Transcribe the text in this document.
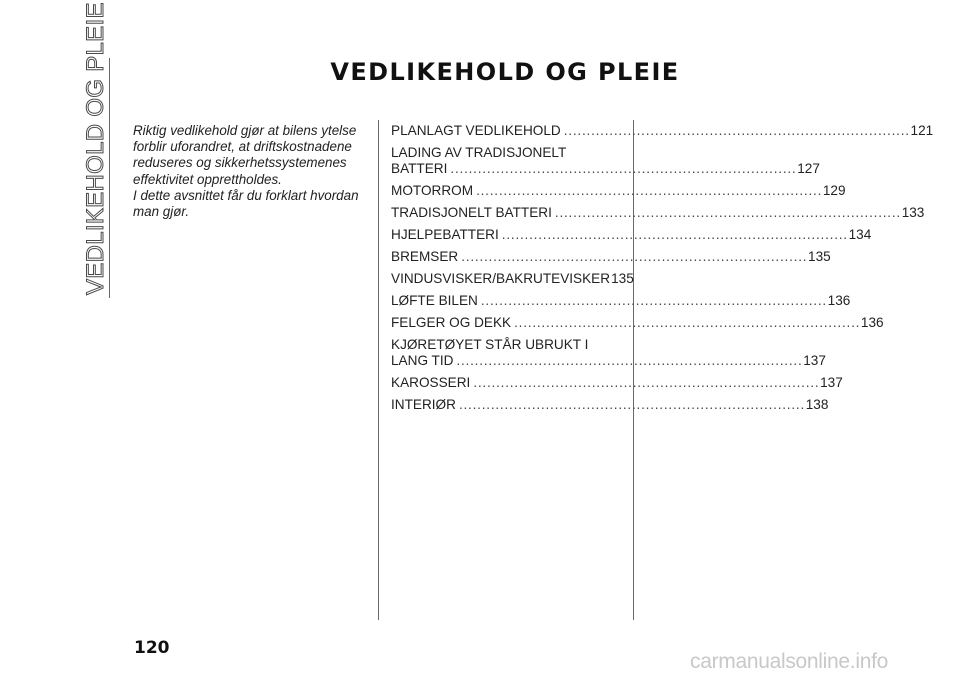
VEDLIKEHOLD OG PLEIE	VEDLIKEHOLD OG PLEIE

Riktig vedlikehold gjør at bilens ytelse forblir uforandret, at driftskostnadene reduseres og sikkerhetssystemenes effektivitet opprettholdes.

I dette avsnittet får du forklart hvordan man gjør.

PLANLAGT VEDLIKEHOLD . . .	121
LADING AV TRADISJONELT
BATTERI . . .	127
MOTORROM . . .	129
TRADISJONELT BATTERI . . .	133
HJELPEBATTERI . . .	134
BREMSER . . .	135
VINDUSVISKER/BAKRUTEVISKER 135
LØFTE BILEN . . .	136
FELGER OG DEKK . . .	136
KJØRETØYET STÅR UBRUKT I
LANG TID . . .	137
KAROSSERI . . .	137
INTERIØR . . .	138
120
carmanualsonline.info
